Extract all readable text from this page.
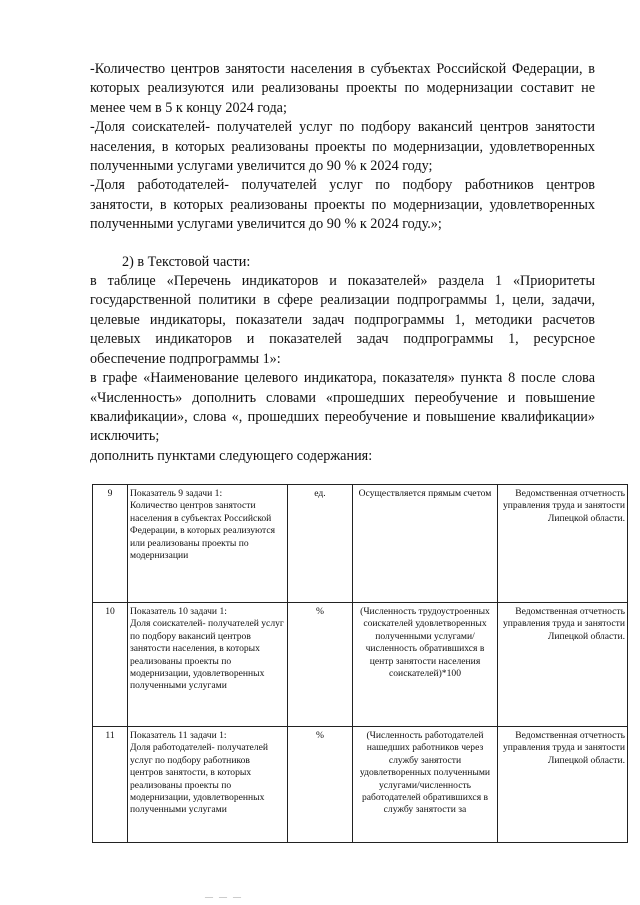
-Количество центров занятости населения в субъектах Российской Федерации, в которых реализуются или реализованы проекты по модернизации составит не менее чем в 5 к концу 2024 года;

-Доля соискателей- получателей услуг по подбору вакансий центров занятости населения, в которых реализованы проекты по модернизации, удовлетворенных полученными услугами увеличится до 90 % к 2024 году;

-Доля работодателей- получателей услуг по подбору работников центров занятости, в которых реализованы проекты по модернизации, удовлетворенных полученными услугами увеличится до 90 % к 2024 году.»;

2) в Текстовой части:

в таблице «Перечень индикаторов и показателей» раздела 1 «Приоритеты государственной политики в сфере реализации подпрограммы 1, цели, задачи, целевые индикаторы, показатели задач подпрограммы 1, методики расчетов целевых индикаторов и показателей задач подпрограммы 1, ресурсное обеспечение подпрограммы 1»:

в графе «Наименование целевого индикатора, показателя» пункта 8 после слова «Численность» дополнить словами «прошедших переобучение и повышение квалификации», слова «, прошедших переобучение и повышение квалификации» исключить;

дополнить пунктами следующего содержания:

9	Показатель 9 задачи 1:
Количество центров занятости населения в субъектах Российской Федерации, в которых реализуются или реализованы проекты по модернизации	ед.	Осуществляется прямым счетом	Ведомственная отчетность управления труда и занятости Липецкой области.
10	Показатель 10 задачи 1:
Доля соискателей- получателей услуг по подбору вакансий центров занятости населения, в которых реализованы проекты по модернизации, удовлетворенных полученными услугами	%	(Численность трудоустроенных соискателей удовлетворенных полученными услугами/численность обратившихся в центр занятости населения соискателей)*100	Ведомственная отчетность управления труда и занятости Липецкой области.
11	Показатель 11 задачи 1:
Доля работодателей- получателей услуг по подбору работников центров занятости, в которых реализованы проекты по модернизации, удовлетворенных полученными услугами	%	(Численность работодателей нашедших работников через службу занятости удовлетворенных полученными услугами/численность работодателей обратившихся в службу занятости за	Ведомственная отчетность управления труда и занятости Липецкой области.
— — —
